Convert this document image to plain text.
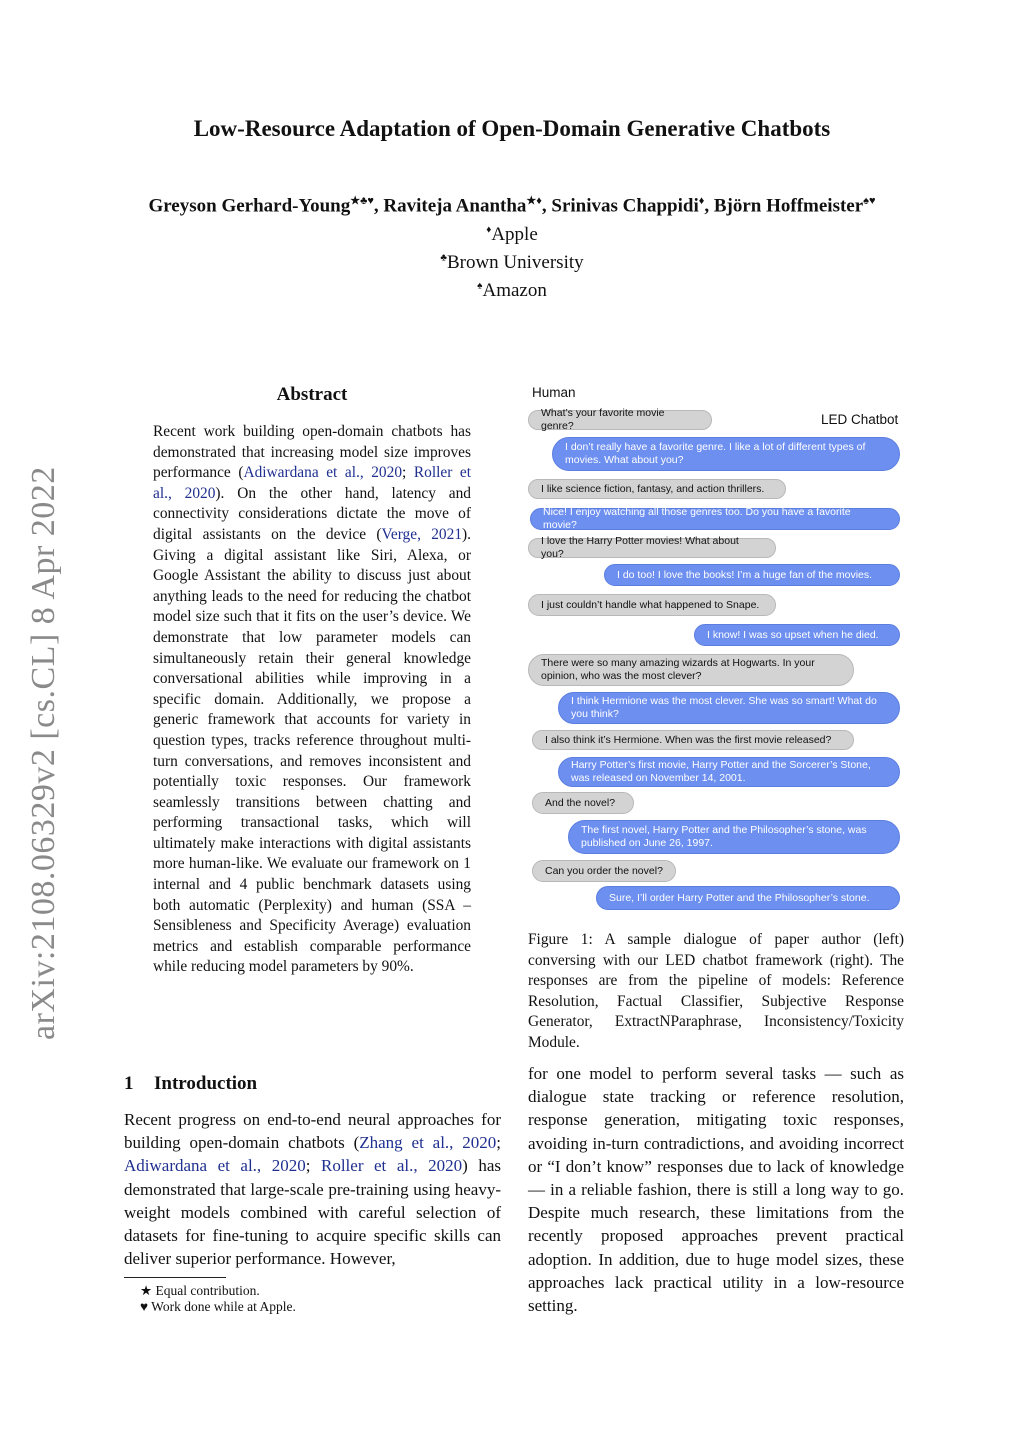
arXiv:2108.06329v2 [cs.CL] 8 Apr 2022
Low-Resource Adaptation of Open-Domain Generative Chatbots
Greyson Gerhard-Young★♣♥, Raviteja Anantha★♦, Srinivas Chappidi♦, Björn Hoffmeister♠♥
♦Apple
♣Brown University
♠Amazon
Abstract
Recent work building open-domain chatbots has demonstrated that increasing model size improves performance (Adiwardana et al., 2020; Roller et al., 2020). On the other hand, latency and connectivity considerations dictate the move of digital assistants on the device (Verge, 2021). Giving a digital assistant like Siri, Alexa, or Google Assistant the ability to discuss just about anything leads to the need for reducing the chatbot model size such that it fits on the user’s device. We demonstrate that low parameter models can simultaneously retain their general knowledge conversational abilities while improving in a specific domain. Additionally, we propose a generic framework that accounts for variety in question types, tracks reference throughout multi-turn conversations, and removes inconsistent and potentially toxic responses. Our framework seamlessly transitions between chatting and performing transactional tasks, which will ultimately make interactions with digital assistants more human-like. We evaluate our framework on 1 internal and 4 public benchmark datasets using both automatic (Perplexity) and human (SSA – Sensibleness and Specificity Average) evaluation metrics and establish comparable performance while reducing model parameters by 90%.
1 Introduction
Recent progress on end-to-end neural approaches for building open-domain chatbots (Zhang et al., 2020; Adiwardana et al., 2020; Roller et al., 2020) has demonstrated that large-scale pre-training using heavy-weight models combined with careful selection of datasets for fine-tuning to acquire specific skills can deliver superior performance. However,
★ Equal contribution.
♥ Work done while at Apple.
Human
LED Chatbot
What’s your favorite movie genre?
I don’t really have a favorite genre. I like a lot of different types of movies. What about you?
I like science fiction, fantasy, and action thrillers.
Nice! I enjoy watching all those genres too. Do you have a favorite movie?
I love the Harry Potter movies! What about you?
I do too! I love the books! I’m a huge fan of the movies.
I just couldn’t handle what happened to Snape.
I know! I was so upset when he died.
There were so many amazing wizards at Hogwarts. In your opinion, who was the most clever?
I think Hermione was the most clever. She was so smart! What do you think?
I also think it’s Hermione. When was the first movie released?
Harry Potter’s first movie, Harry Potter and the Sorcerer’s Stone, was released on November 14, 2001.
And the novel?
The first novel, Harry Potter and the Philosopher’s stone, was published on June 26, 1997.
Can you order the novel?
Sure, I’ll order Harry Potter and the Philosopher’s stone.
Figure 1: A sample dialogue of paper author (left) conversing with our LED chatbot framework (right). The responses are from the pipeline of models: Reference Resolution, Factual Classifier, Subjective Response Generator, ExtractNParaphrase, Inconsistency/Toxicity Module.
for one model to perform several tasks — such as dialogue state tracking or reference resolution, response generation, mitigating toxic responses, avoiding in-turn contradictions, and avoiding incorrect or “I don’t know” responses due to lack of knowledge — in a reliable fashion, there is still a long way to go. Despite much research, these limitations from the recently proposed approaches prevent practical adoption. In addition, due to huge model sizes, these approaches lack practical utility in a low-resource setting.
